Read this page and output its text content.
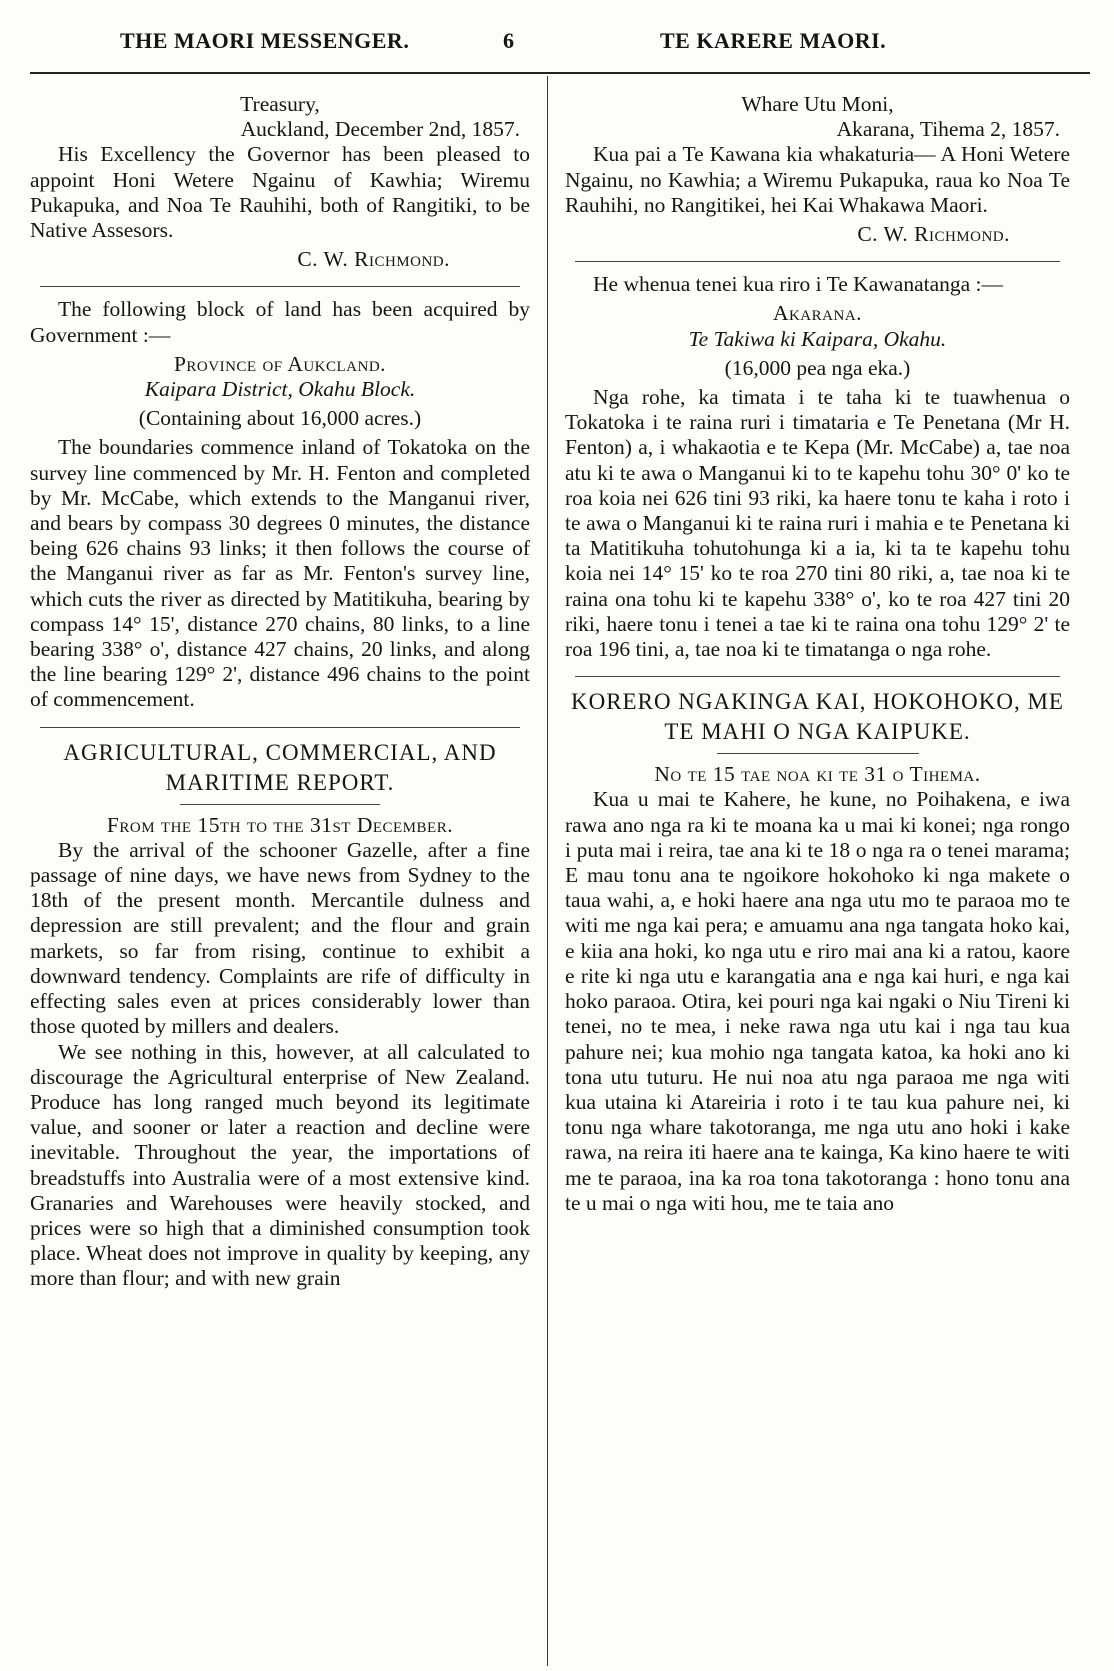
THE MAORI MESSENGER.	6	TE KARERE MAORI.

Treasury,

Auckland, December 2nd, 1857.

His Excellency the Governor has been pleased to appoint Honi Wetere Ngainu of Kawhia; Wiremu Pukapuka, and Noa Te Rauhihi, both of Rangitiki, to be Native Assesors.

C. W. Richmond.

The following block of land has been acquired by Government :—

Province of Aukcland.

Kaipara District, Okahu Block.

(Containing about 16,000 acres.)

The boundaries commence inland of Tokatoka on the survey line commenced by Mr. H. Fenton and completed by Mr. McCabe, which extends to the Manganui river, and bears by compass 30 degrees 0 minutes, the distance being 626 chains 93 links; it then follows the course of the Manganui river as far as Mr. Fenton's survey line, which cuts the river as directed by Matitikuha, bearing by compass 14° 15', distance 270 chains, 80 links, to a line bearing 338° o', distance 427 chains, 20 links, and along the line bearing 129° 2', distance 496 chains to the point of commencement.

AGRICULTURAL, COMMERCIAL, AND MARITIME REPORT.

From the 15th to the 31st December.

By the arrival of the schooner Gazelle, after a fine passage of nine days, we have news from Sydney to the 18th of the present month. Mercantile dulness and depression are still prevalent; and the flour and grain markets, so far from rising, continue to exhibit a downward tendency. Complaints are rife of difficulty in effecting sales even at prices considerably lower than those quoted by millers and dealers.

We see nothing in this, however, at all calculated to discourage the Agricultural enterprise of New Zealand. Produce has long ranged much beyond its legitimate value, and sooner or later a reaction and decline were inevitable. Throughout the year, the importations of breadstuffs into Australia were of a most extensive kind. Granaries and Warehouses were heavily stocked, and prices were so high that a diminished consumption took place. Wheat does not improve in quality by keeping, any more than flour; and with new grain

Whare Utu Moni,

Akarana, Tihema 2, 1857.

Kua pai a Te Kawana kia whakaturia— A Honi Wetere Ngainu, no Kawhia; a Wiremu Pukapuka, raua ko Noa Te Rauhihi, no Rangitikei, hei Kai Whakawa Maori.

C. W. Richmond.

He whenua tenei kua riro i Te Kawanatanga :—

Akarana.

Te Takiwa ki Kaipara, Okahu.

(16,000 pea nga eka.)

Nga rohe, ka timata i te taha ki te tuawhenua o Tokatoka i te raina ruri i timataria e Te Penetana (Mr H. Fenton) a, i whakaotia e te Kepa (Mr. McCabe) a, tae noa atu ki te awa o Manganui ki to te kapehu tohu 30° 0' ko te roa koia nei 626 tini 93 riki, ka haere tonu te kaha i roto i te awa o Manganui ki te raina ruri i mahia e te Penetana ki ta Matitikuha tohutohunga ki a ia, ki ta te kapehu tohu koia nei 14° 15' ko te roa 270 tini 80 riki, a, tae noa ki te raina ona tohu ki te kapehu 338° o', ko te roa 427 tini 20 riki, haere tonu i tenei a tae ki te raina ona tohu 129° 2' te roa 196 tini, a, tae noa ki te timatanga o nga rohe.

KORERO NGAKINGA KAI, HOKOHOKO, ME TE MAHI O NGA KAIPUKE.

No te 15 tae noa ki te 31 o Tihema.

Kua u mai te Kahere, he kune, no Poihakena, e iwa rawa ano nga ra ki te moana ka u mai ki konei; nga rongo i puta mai i reira, tae ana ki te 18 o nga ra o tenei marama; E mau tonu ana te ngoikore hokohoko ki nga makete o taua wahi, a, e hoki haere ana nga utu mo te paraoa mo te witi me nga kai pera; e amuamu ana nga tangata hoko kai, e kiia ana hoki, ko nga utu e riro mai ana ki a ratou, kaore e rite ki nga utu e karangatia ana e nga kai huri, e nga kai hoko paraoa. Otira, kei pouri nga kai ngaki o Niu Tireni ki tenei, no te mea, i neke rawa nga utu kai i nga tau kua pahure nei; kua mohio nga tangata katoa, ka hoki ano ki tona utu tuturu. He nui noa atu nga paraoa me nga witi kua utaina ki Atareiria i roto i te tau kua pahure nei, ki tonu nga whare takotoranga, me nga utu ano hoki i kake rawa, na reira iti haere ana te kainga, Ka kino haere te witi me te paraoa, ina ka roa tona takotoranga : hono tonu ana te u mai o nga witi hou, me te taia ano
